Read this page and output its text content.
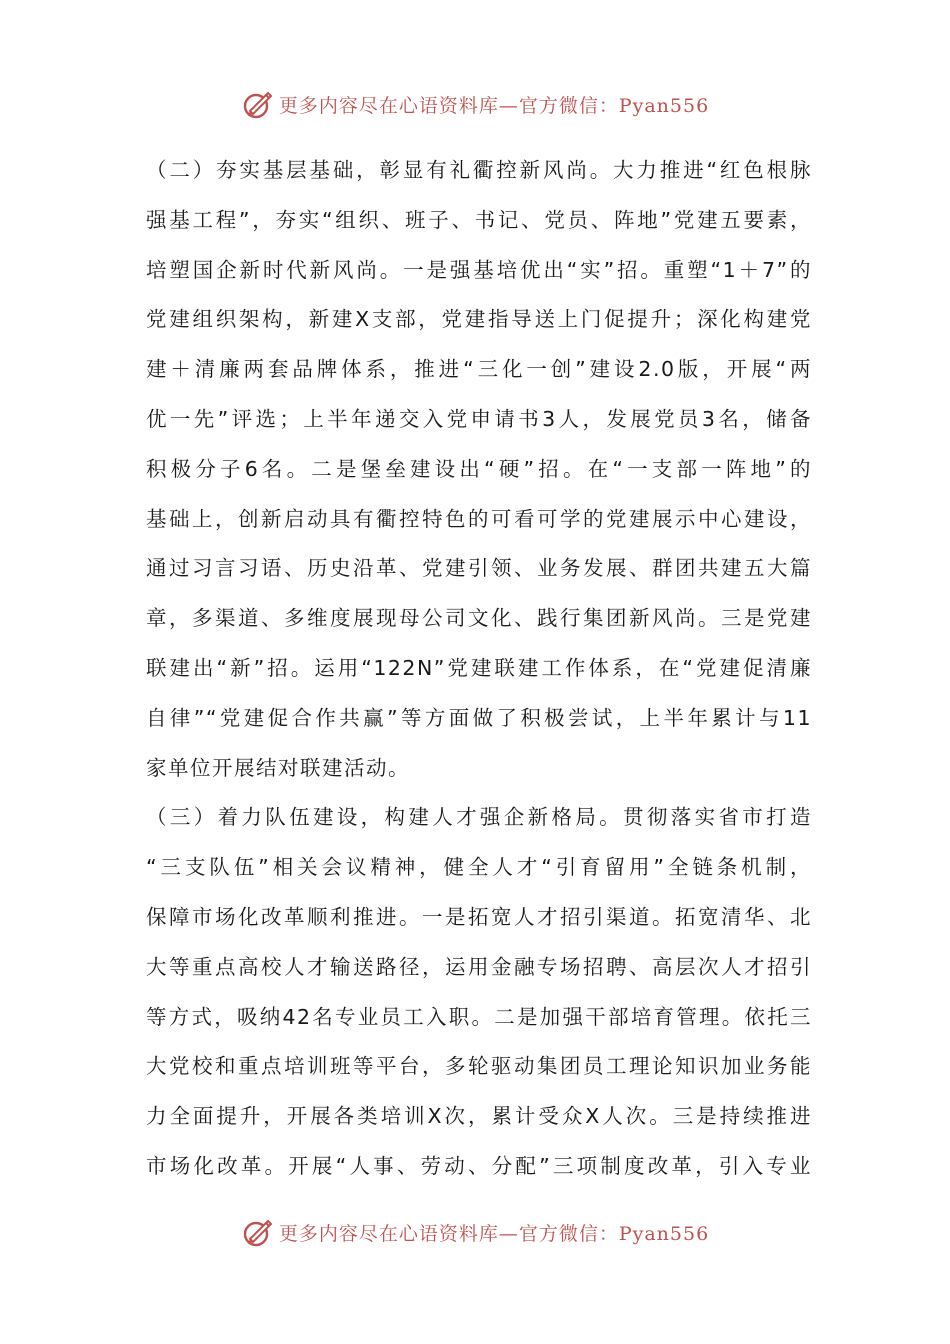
更多内容尽在心语资料库—官方微信：Pyan556

（二）夯实基层基础，彰显有礼衢控新风尚。大力推进“红色根脉
强基工程”，夯实“组织、班子、书记、党员、阵地”党建五要素，
培塑国企新时代新风尚。一是强基培优出“实”招。重塑“1＋7”的
党建组织架构，新建X支部，党建指导送上门促提升；深化构建党
建＋清廉两套品牌体系，推进“三化一创”建设2.0版，开展“两
优一先”评选；上半年递交入党申请书3人，发展党员3名，储备
积极分子6名。二是堡垒建设出“硬”招。在“一支部一阵地”的
基础上，创新启动具有衢控特色的可看可学的党建展示中心建设，
通过习言习语、历史沿革、党建引领、业务发展、群团共建五大篇
章，多渠道、多维度展现母公司文化、践行集团新风尚。三是党建
联建出“新”招。运用“122N”党建联建工作体系，在“党建促清廉
自律”“党建促合作共赢”等方面做了积极尝试，上半年累计与11
家单位开展结对联建活动。

（三）着力队伍建设，构建人才强企新格局。贯彻落实省市打造
“三支队伍”相关会议精神，健全人才“引育留用”全链条机制，
保障市场化改革顺利推进。一是拓宽人才招引渠道。拓宽清华、北
大等重点高校人才输送路径，运用金融专场招聘、高层次人才招引
等方式，吸纳42名专业员工入职。二是加强干部培育管理。依托三
大党校和重点培训班等平台，多轮驱动集团员工理论知识加业务能
力全面提升，开展各类培训X次，累计受众X人次。三是持续推进
市场化改革。开展“人事、劳动、分配”三项制度改革，引入专业

更多内容尽在心语资料库—官方微信：Pyan556
